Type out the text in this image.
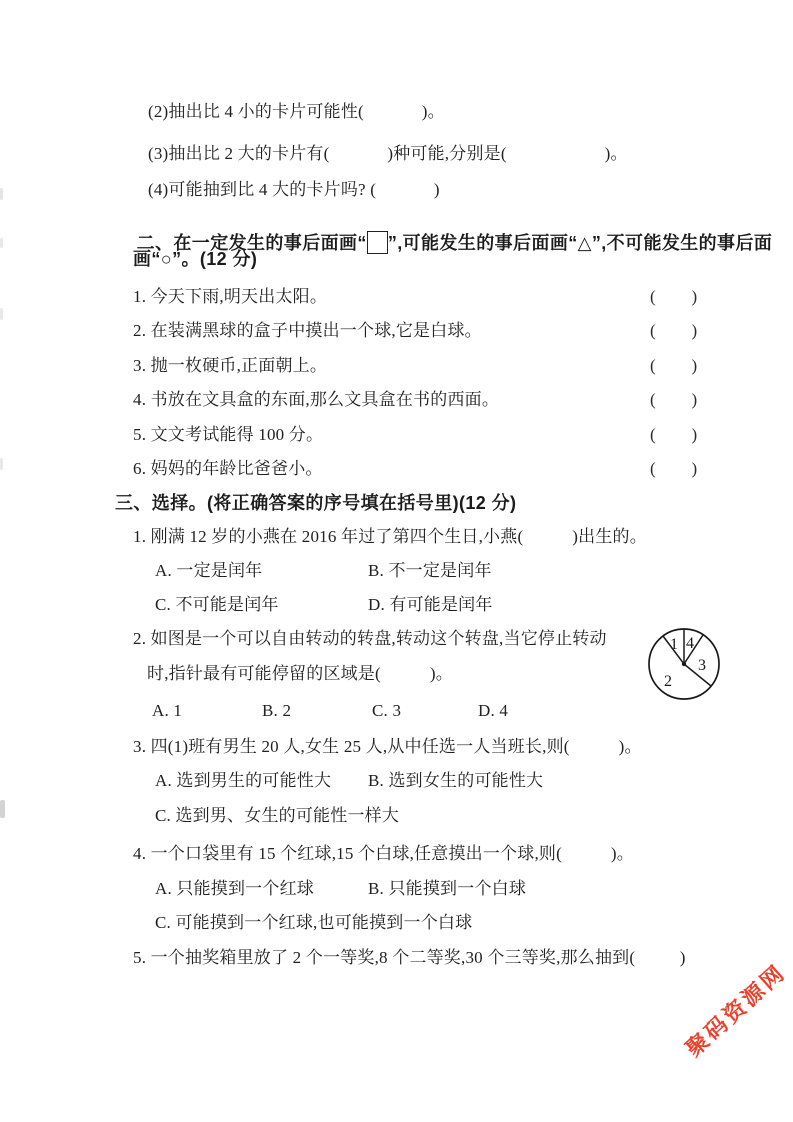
(2)抽出比 4 小的卡片可能性(             )。
(3)抽出比 2 大的卡片有(             )种可能,分别是(                      )。
(4)可能抽到比 4 大的卡片吗? (             )

二、在一定发生的事后面画“ ”,可能发生的事后面画“△”,不可能发生的事后面

画“○”。(12 分)
1. 今天下雨,明天出太阳。	(        )
2. 在装满黑球的盒子中摸出一个球,它是白球。	(        )
3. 抛一枚硬币,正面朝上。	(        )
4. 书放在文具盒的东面,那么文具盒在书的西面。	(        )
5. 文文考试能得 100 分。	(        )
6. 妈妈的年龄比爸爸小。	(        )
三、选择。(将正确答案的序号填在括号里)(12 分)
1. 刚满 12 岁的小燕在 2016 年过了第四个生日,小燕(           )出生的。
A. 一定是闰年	B. 不一定是闰年
C. 不可能是闰年	D. 有可能是闰年
2. 如图是一个可以自由转动的转盘,转动这个转盘,当它停止转动
时,指针最有可能停留的区域是(           )。
A. 1	B. 2	C. 3	D. 4
1 4
3
2
3. 四(1)班有男生 20 人,女生 25 人,从中任选一人当班长,则(           )。
A. 选到男生的可能性大 B. 选到女生的可能性大
C. 选到男、女生的可能性一样大
4. 一个口袋里有 15 个红球,15 个白球,任意摸出一个球,则(           )。
A. 只能摸到一个红球	B. 只能摸到一个白球
C. 可能摸到一个红球,也可能摸到一个白球
5. 一个抽奖箱里放了 2 个一等奖,8 个二等奖,30 个三等奖,那么抽到(          )
聚码资源网
